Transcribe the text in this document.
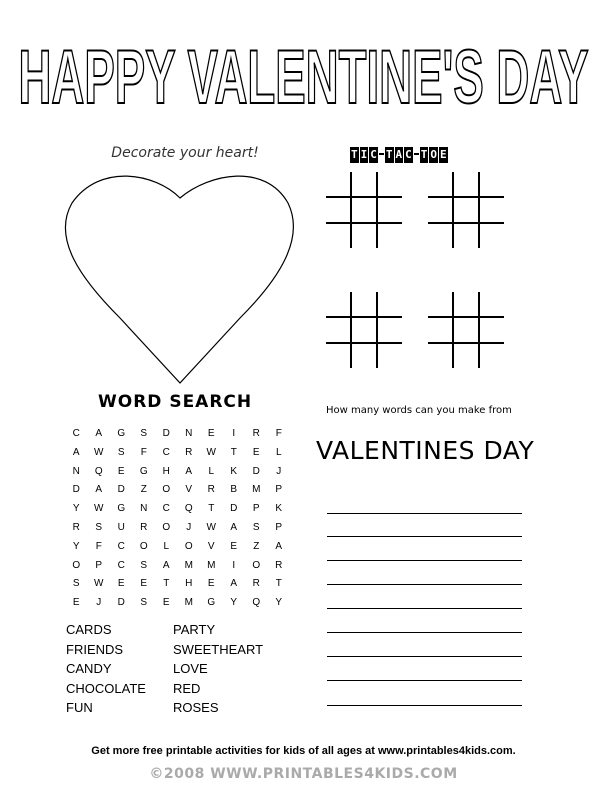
HAPPY VALENTINE'S DAY
Decorate your heart!	T I C T A C T O E
WORD SEARCH
C	A	G	S	D	N	E	I	R	F
A	W	S	F	C	R	W	T	E	L
N	Q	E	G	H	A	L	K	D	J
D	A	D	Z	O	V	R	B	M	P
Y	W	G	N	C	Q	T	D	P	K
R	S	U	R	O	J	W	A	S	P
Y	F	C	O	L	O	V	E	Z	A
O	P	C	S	A	M	M	I	O	R
S	W	E	E	T	H	E	A	R	T
E	J	D	S	E	M	G	Y	Q	Y
CARDS
FRIENDS
CANDY
CHOCOLATE
FUN
PARTY
SWEETHEART
LOVE
RED
ROSES
How many words can you make from
VALENTINES DAY
Get more free printable activities for kids of all ages at www.printables4kids.com.
©2008 WWW.PRINTABLES4KIDS.COM
